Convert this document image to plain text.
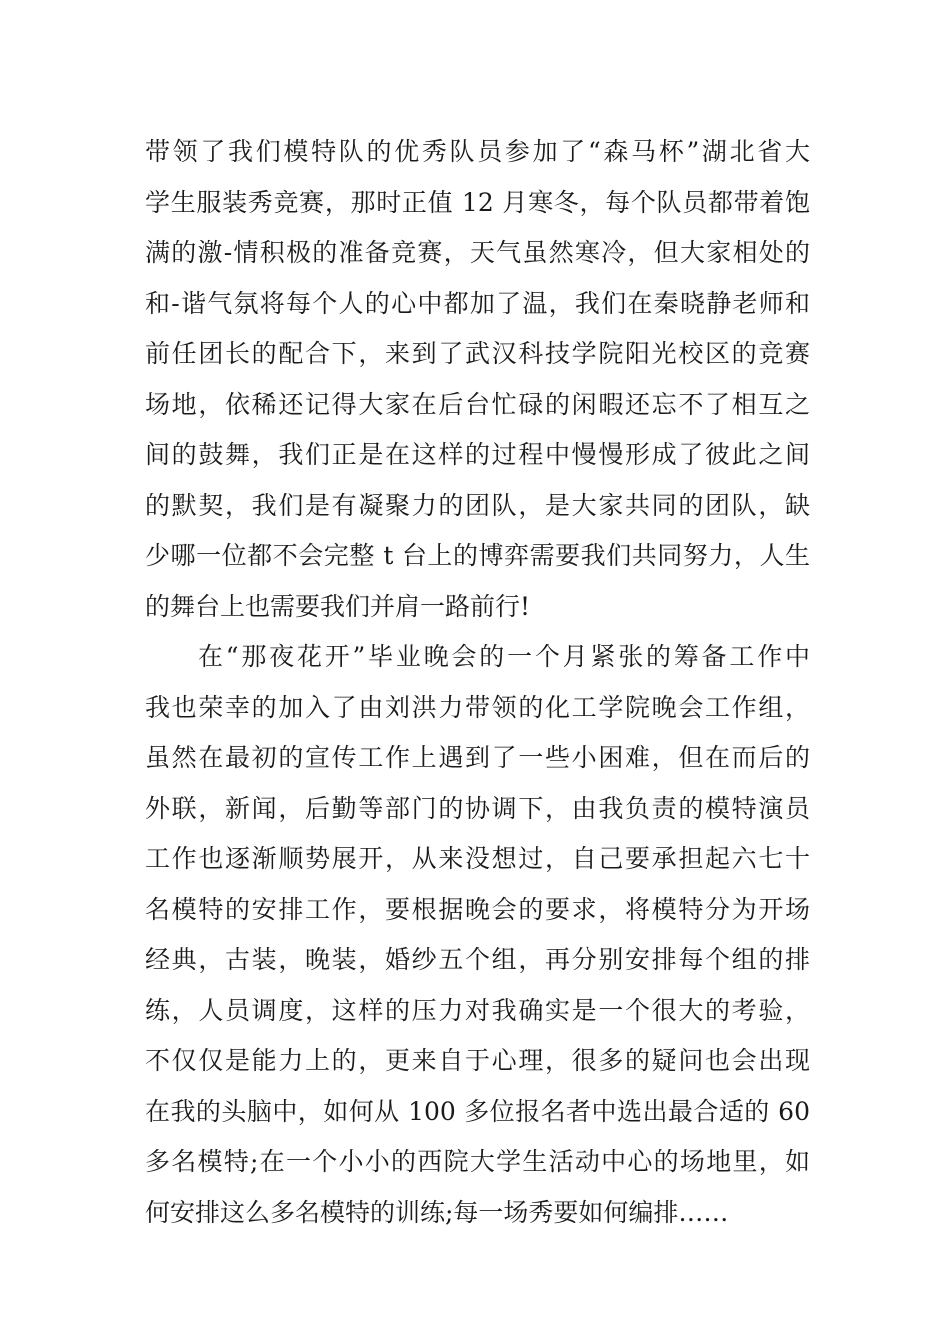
带领了我们模特队的优秀队员参加了“森马杯”湖北省大
学生服装秀竞赛，那时正值 12 月寒冬，每个队员都带着饱
满的激-情积极的准备竞赛，天气虽然寒冷，但大家相处的
和-谐气氛将每个人的心中都加了温，我们在秦晓静老师和
前任团长的配合下，来到了武汉科技学院阳光校区的竞赛
场地，依稀还记得大家在后台忙碌的闲暇还忘不了相互之
间的鼓舞，我们正是在这样的过程中慢慢形成了彼此之间
的默契，我们是有凝聚力的团队，是大家共同的团队，缺
少哪一位都不会完整 t 台上的博弈需要我们共同努力，人生
的舞台上也需要我们并肩一路前行!
在“那夜花开”毕业晚会的一个月紧张的筹备工作中
我也荣幸的加入了由刘洪力带领的化工学院晚会工作组，
虽然在最初的宣传工作上遇到了一些小困难，但在而后的
外联，新闻，后勤等部门的协调下，由我负责的模特演员
工作也逐渐顺势展开，从来没想过，自己要承担起六七十
名模特的安排工作，要根据晚会的要求，将模特分为开场
经典，古装，晚装，婚纱五个组，再分别安排每个组的排
练，人员调度，这样的压力对我确实是一个很大的考验，
不仅仅是能力上的，更来自于心理，很多的疑问也会出现
在我的头脑中，如何从 100 多位报名者中选出最合适的 60
多名模特;在一个小小的西院大学生活动中心的场地里，如
何安排这么多名模特的训练;每一场秀要如何编排……
